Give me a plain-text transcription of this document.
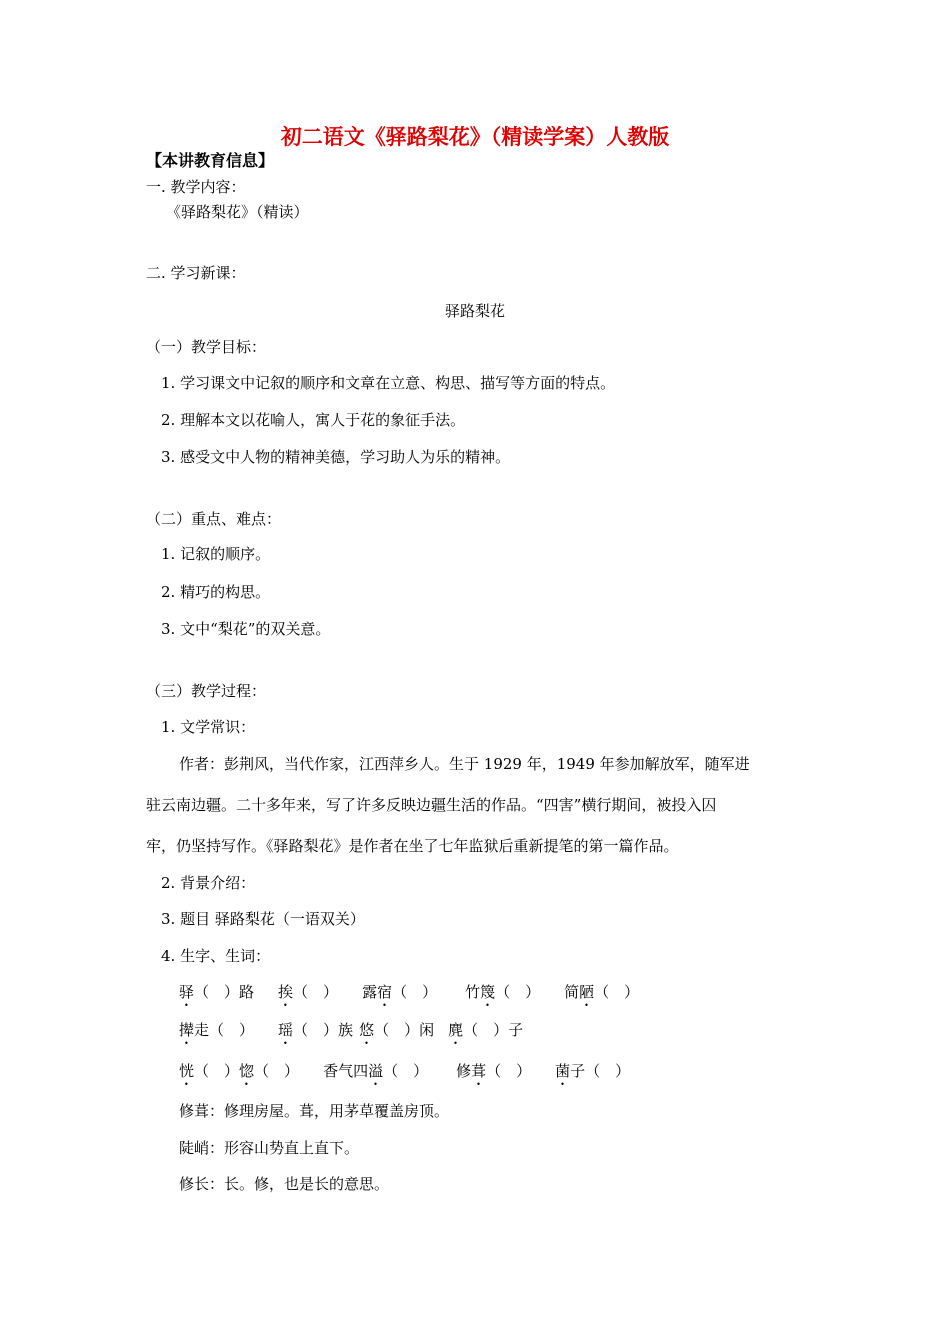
初二语文《驿路梨花》（精读学案）人教版
【本讲教育信息】
一. 教学内容：
《驿路梨花》（精读）
二. 学习新课：
驿路梨花
（一）教学目标：
1. 学习课文中记叙的顺序和文章在立意、构思、描写等方面的特点。
2. 理解本文以花喻人，寓人于花的象征手法。
3. 感受文中人物的精神美德，学习助人为乐的精神。
（二）重点、难点：
1. 记叙的顺序。
2. 精巧的构思。
3. 文中“梨花”的双关意。
（三）教学过程：
1. 文学常识：
作者：彭荆风，当代作家，江西萍乡人。生于 1929 年，1949 年参加解放军，随军进
驻云南边疆。二十多年来，写了许多反映边疆生活的作品。“四害”横行期间，被投入囚
牢，仍坚持写作。《驿路梨花》是作者在坐了七年监狱后重新提笔的第一篇作品。
2. 背景介绍：
3. 题目 驿路梨花（一语双关）
4. 生字、生词：
驿（　）路 挨（　） 露宿（　） 竹篾（　） 简陋（　）
撵走（　） 瑶（　）族 悠（　）闲 麂（　）子
恍（　）惚（　） 香气四溢（　） 修葺（　） 菌子（　）
修葺：修理房屋。葺，用茅草覆盖房顶。
陡峭：形容山势直上直下。
修长：长。修，也是长的意思。
